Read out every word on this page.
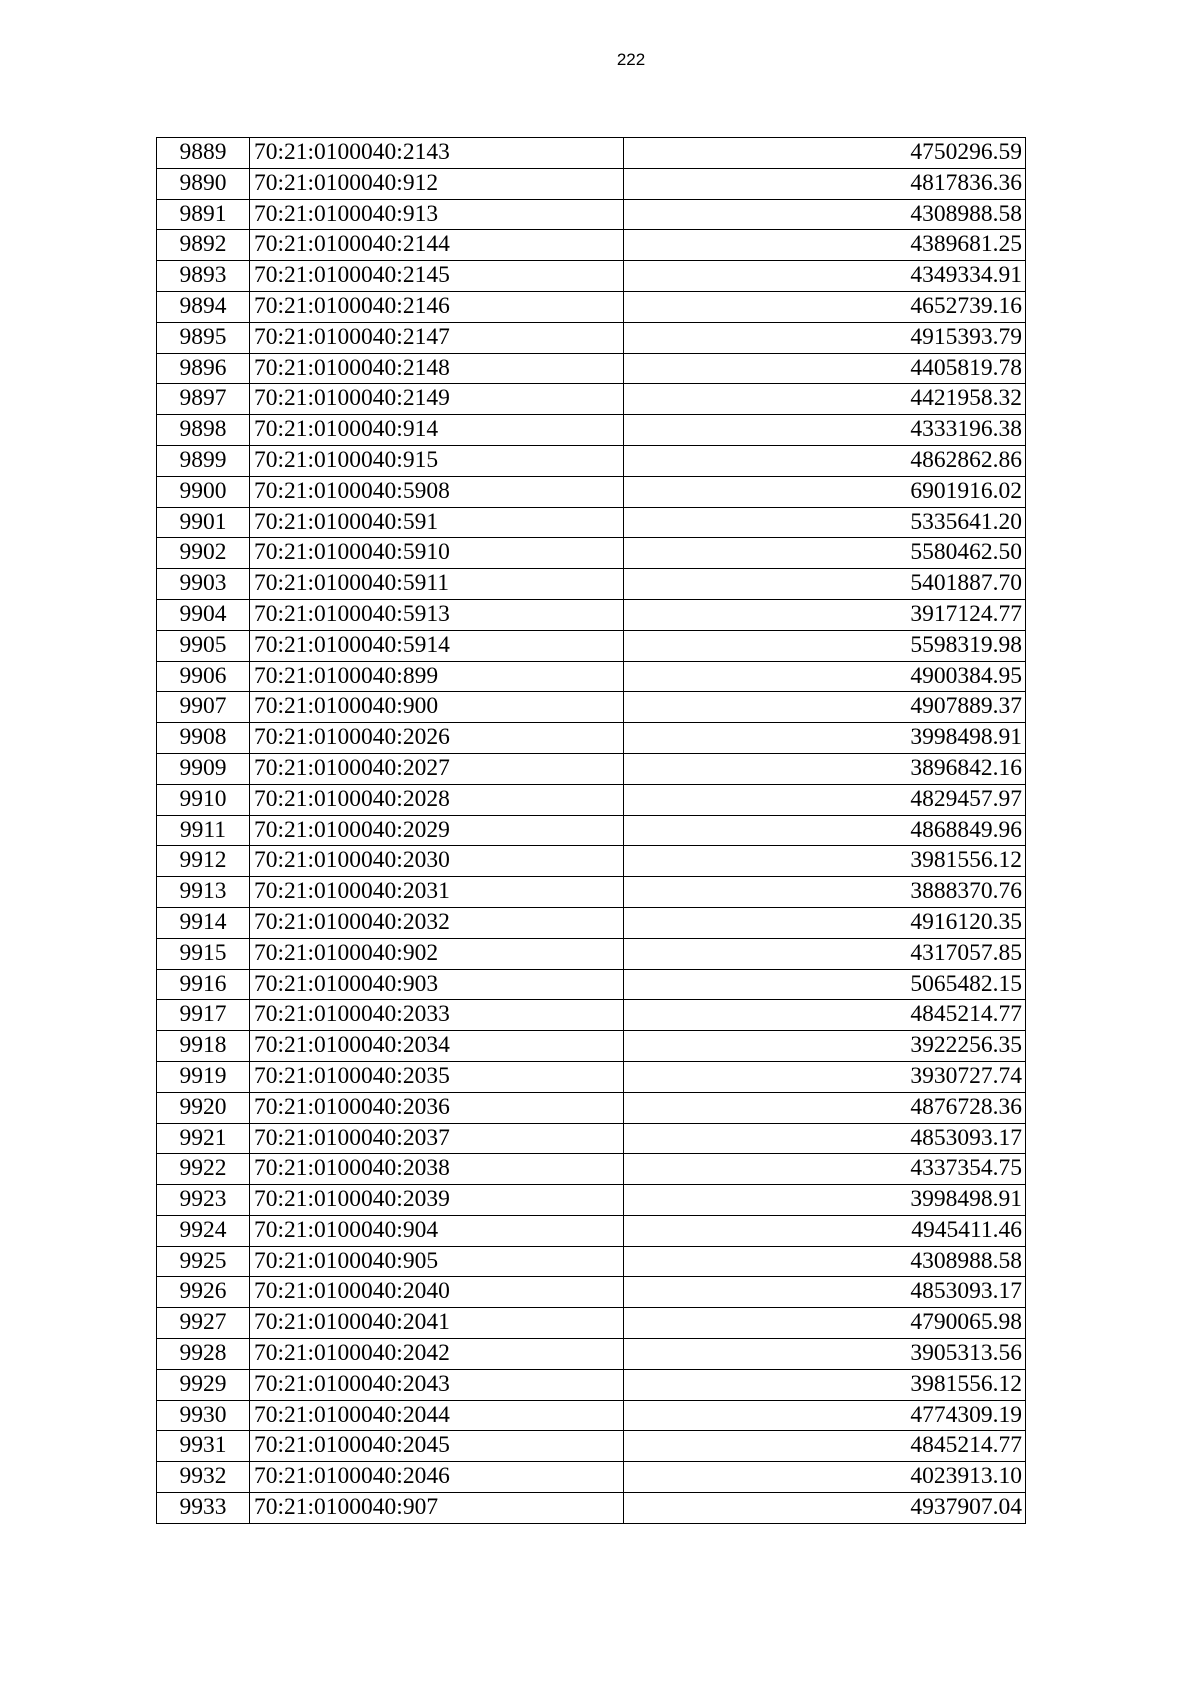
222
9889	70:21:0100040:2143	4750296.59
9890	70:21:0100040:912	4817836.36
9891	70:21:0100040:913	4308988.58
9892	70:21:0100040:2144	4389681.25
9893	70:21:0100040:2145	4349334.91
9894	70:21:0100040:2146	4652739.16
9895	70:21:0100040:2147	4915393.79
9896	70:21:0100040:2148	4405819.78
9897	70:21:0100040:2149	4421958.32
9898	70:21:0100040:914	4333196.38
9899	70:21:0100040:915	4862862.86
9900	70:21:0100040:5908	6901916.02
9901	70:21:0100040:591	5335641.20
9902	70:21:0100040:5910	5580462.50
9903	70:21:0100040:5911	5401887.70
9904	70:21:0100040:5913	3917124.77
9905	70:21:0100040:5914	5598319.98
9906	70:21:0100040:899	4900384.95
9907	70:21:0100040:900	4907889.37
9908	70:21:0100040:2026	3998498.91
9909	70:21:0100040:2027	3896842.16
9910	70:21:0100040:2028	4829457.97
9911	70:21:0100040:2029	4868849.96
9912	70:21:0100040:2030	3981556.12
9913	70:21:0100040:2031	3888370.76
9914	70:21:0100040:2032	4916120.35
9915	70:21:0100040:902	4317057.85
9916	70:21:0100040:903	5065482.15
9917	70:21:0100040:2033	4845214.77
9918	70:21:0100040:2034	3922256.35
9919	70:21:0100040:2035	3930727.74
9920	70:21:0100040:2036	4876728.36
9921	70:21:0100040:2037	4853093.17
9922	70:21:0100040:2038	4337354.75
9923	70:21:0100040:2039	3998498.91
9924	70:21:0100040:904	4945411.46
9925	70:21:0100040:905	4308988.58
9926	70:21:0100040:2040	4853093.17
9927	70:21:0100040:2041	4790065.98
9928	70:21:0100040:2042	3905313.56
9929	70:21:0100040:2043	3981556.12
9930	70:21:0100040:2044	4774309.19
9931	70:21:0100040:2045	4845214.77
9932	70:21:0100040:2046	4023913.10
9933	70:21:0100040:907	4937907.04
